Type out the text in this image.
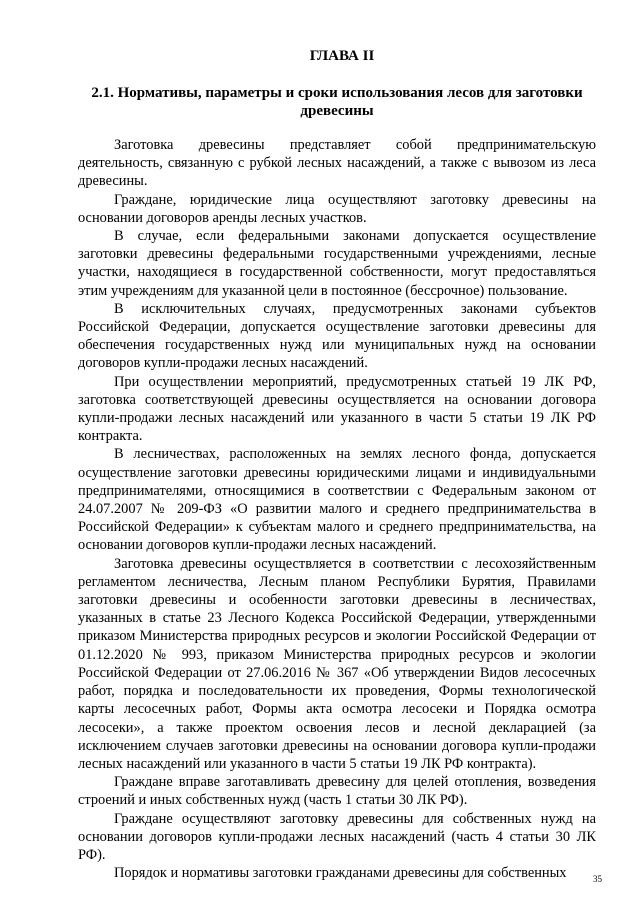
ГЛАВА II
2.1. Нормативы, параметры и сроки использования лесов для заготовки древесины

Заготовка древесины представляет собой предпринимательскую деятельность, связанную с рубкой лесных насаждений, а также с вывозом из леса древесины.

Граждане, юридические лица осуществляют заготовку древесины на основании договоров аренды лесных участков.

В случае, если федеральными законами допускается осуществление заготовки древесины федеральными государственными учреждениями, лесные участки, находящиеся в государственной собственности, могут предоставляться этим учреждениям для указанной цели в постоянное (бессрочное) пользование.

В исключительных случаях, предусмотренных законами субъектов Российской Федерации, допускается осуществление заготовки древесины для обеспечения государственных нужд или муниципальных нужд на основании договоров купли-продажи лесных насаждений.

При осуществлении мероприятий, предусмотренных статьей 19 ЛК РФ, заготовка соответствующей древесины осуществляется на основании договора купли-продажи лесных насаждений или указанного в части 5 статьи 19 ЛК РФ контракта.

В лесничествах, расположенных на землях лесного фонда, допускается осуществление заготовки древесины юридическими лицами и индивидуальными предпринимателями, относящимися в соответствии с Федеральным законом от 24.07.2007 № 209-ФЗ «О развитии малого и среднего предпринимательства в Российской Федерации» к субъектам малого и среднего предпринимательства, на основании договоров купли-продажи лесных насаждений.

Заготовка древесины осуществляется в соответствии с лесохозяйственным регламентом лесничества, Лесным планом Республики Бурятия, Правилами заготовки древесины и особенности заготовки древесины в лесничествах, указанных в статье 23 Лесного Кодекса Российской Федерации, утвержденными приказом Министерства природных ресурсов и экологии Российской Федерации от 01.12.2020 № 993, приказом Министерства природных ресурсов и экологии Российской Федерации от 27.06.2016 № 367 «Об утверждении Видов лесосечных работ, порядка и последовательности их проведения, Формы технологической карты лесосечных работ, Формы акта осмотра лесосеки и Порядка осмотра лесосеки», а также проектом освоения лесов и лесной декларацией (за исключением случаев заготовки древесины на основании договора купли-продажи лесных насаждений или указанного в части 5 статьи 19 ЛК РФ контракта).

Граждане вправе заготавливать древесину для целей отопления, возведения строений и иных собственных нужд (часть 1 статьи 30 ЛК РФ).

Граждане осуществляют заготовку древесины для собственных нужд на основании договоров купли-продажи лесных насаждений (часть 4 статьи 30 ЛК РФ).

Порядок и нормативы заготовки гражданами древесины для собственных	35
